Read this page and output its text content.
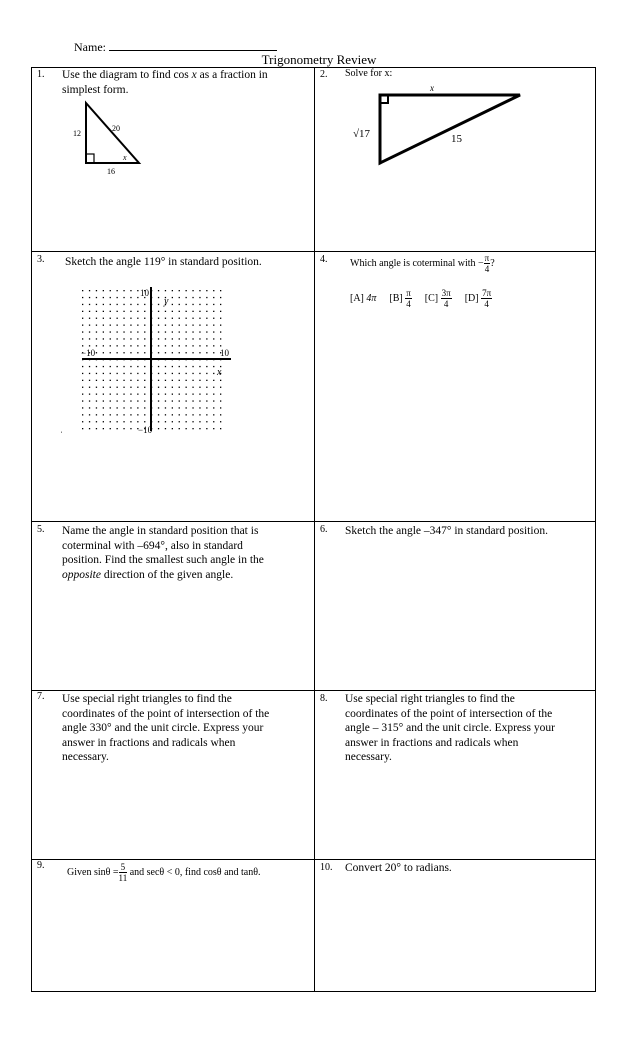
Name:
Trigonometry Review
1. Use the diagram to find cos x as a fraction in
simplest form.
12
20
16
x
2. Solve for x:
x
√17	15
3. Sketch the angle 119° in standard position.
10
y
−10	10
x
−10
ˈ
4. Which angle is coterminal with − $\frac{\pi}{4}$ ?
[A] 4π $[B] \frac{\pi}{4} [C] \frac{3\pi}{4} [D] \frac{7\pi}{4}$
5. Name the angle in standard position that is
coterminal with –694°, also in standard
position. Find the smallest such angle in the
opposite direction of the given angle.
6. Sketch the angle –347° in standard position.
7. Use special right triangles to find the
coordinates of the point of intersection of the
angle 330° and the unit circle. Express your
answer in fractions and radicals when
necessary.
8. Use special right triangles to find the
coordinates of the point of intersection of the
angle – 315° and the unit circle. Express your
answer in fractions and radicals when
necessary.
9.
Given $\sin\theta = \frac{5}{11}$ and secθ < 0, find cosθ and tanθ.	10. Convert 20° to radians.
